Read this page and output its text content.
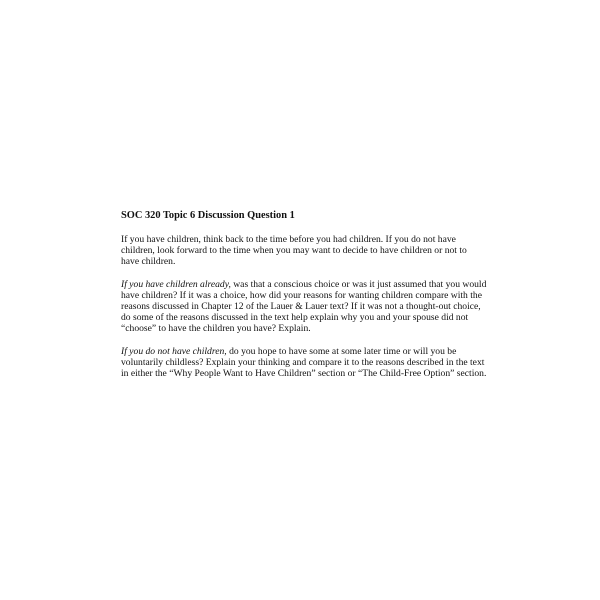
SOC 320 Topic 6 Discussion Question 1

If you have children, think back to the time before you had children. If you do not have children, look forward to the time when you may want to decide to have children or not to have children.

If you have children already, was that a conscious choice or was it just assumed that you would have children? If it was a choice, how did your reasons for wanting children compare with the reasons discussed in Chapter 12 of the Lauer & Lauer text? If it was not a thought-out choice, do some of the reasons discussed in the text help explain why you and your spouse did not “choose” to have the children you have? Explain.

If you do not have children, do you hope to have some at some later time or will you be voluntarily childless? Explain your thinking and compare it to the reasons described in the text in either the “Why People Want to Have Children” section or “The Child-Free Option” section.
